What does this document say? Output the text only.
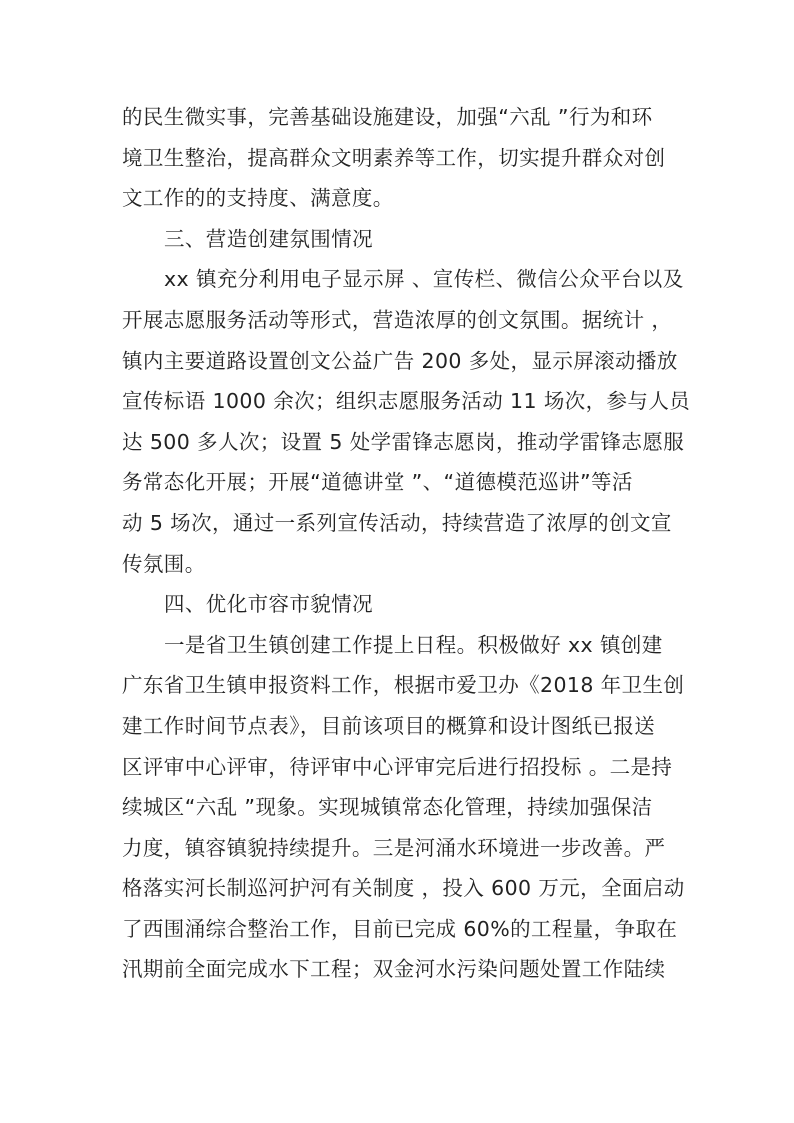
的民生微实事，完善基础设施建设，加强“六乱 ”行为和环
境卫生整治，提高群众文明素养等工作，切实提升群众对创
文工作的的支持度、满意度。
三、营造创建氛围情况
xx 镇充分利用电子显示屏 、宣传栏、微信公众平台以及
开展志愿服务活动等形式，营造浓厚的创文氛围。据统计 ，
镇内主要道路设置创文公益广告 200 多处，显示屏滚动播放
宣传标语 1000 余次；组织志愿服务活动 11 场次，参与人员
达 500 多人次；设置 5 处学雷锋志愿岗，推动学雷锋志愿服
务常态化开展；开展“道德讲堂 ”、“道德模范巡讲”等活
动 5 场次，通过一系列宣传活动，持续营造了浓厚的创文宣
传氛围。
四、优化市容市貌情况
一是省卫生镇创建工作提上日程。积极做好 xx 镇创建
广东省卫生镇申报资料工作，根据市爱卫办《2018 年卫生创
建工作时间节点表》，目前该项目的概算和设计图纸已报送
区评审中心评审，待评审中心评审完后进行招投标 。二是持
续城区“六乱 ”现象。实现城镇常态化管理，持续加强保洁
力度，镇容镇貌持续提升。三是河涌水环境进一步改善。严
格落实河长制巡河护河有关制度 ，投入 600 万元，全面启动
了西围涌综合整治工作，目前已完成 60%的工程量，争取在
汛期前全面完成水下工程；双金河水污染问题处置工作陆续
